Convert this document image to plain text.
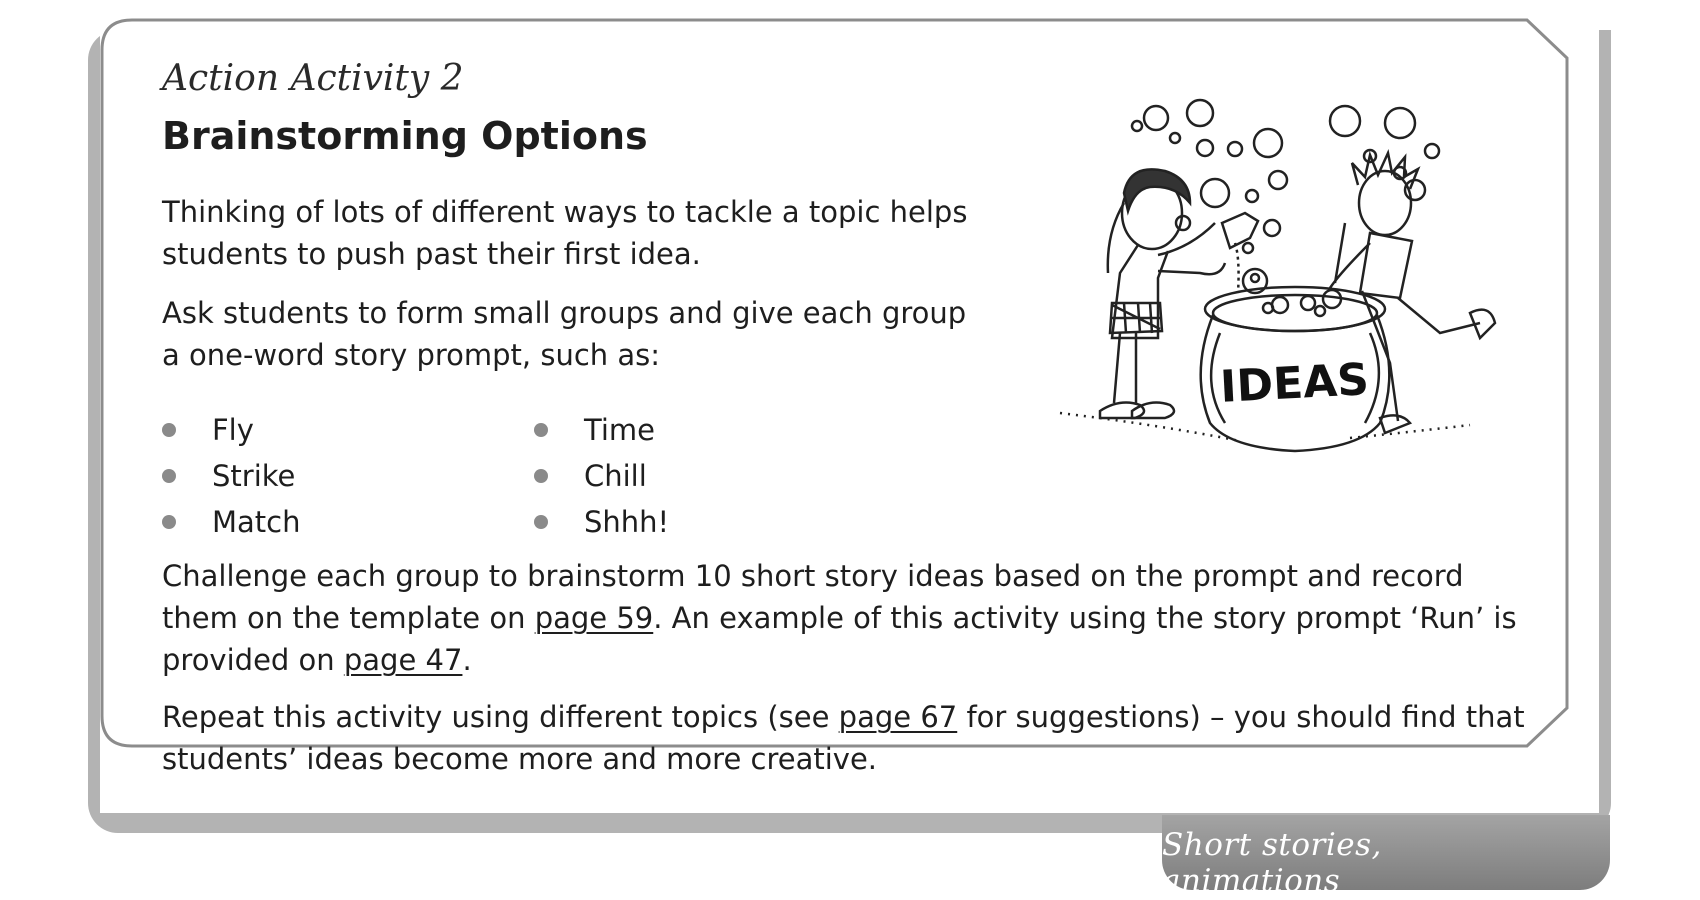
Short stories, animations
Action Activity 2
Brainstorming Options

Thinking of lots of different ways to tackle a topic helps students to push past their first idea.

Ask students to form small groups and give each group a one-word story prompt, such as:

Fly
Strike
Match
Time
Chill
Shhh!

Challenge each group to brainstorm 10 short story ideas based on the prompt and record them on the template on page 59. An example of this activity using the story prompt ‘Run’ is provided on page 47.

Repeat this activity using different topics (see page 67 for suggestions) – you should find that students’ ideas become more and more creative.

IDEAS
